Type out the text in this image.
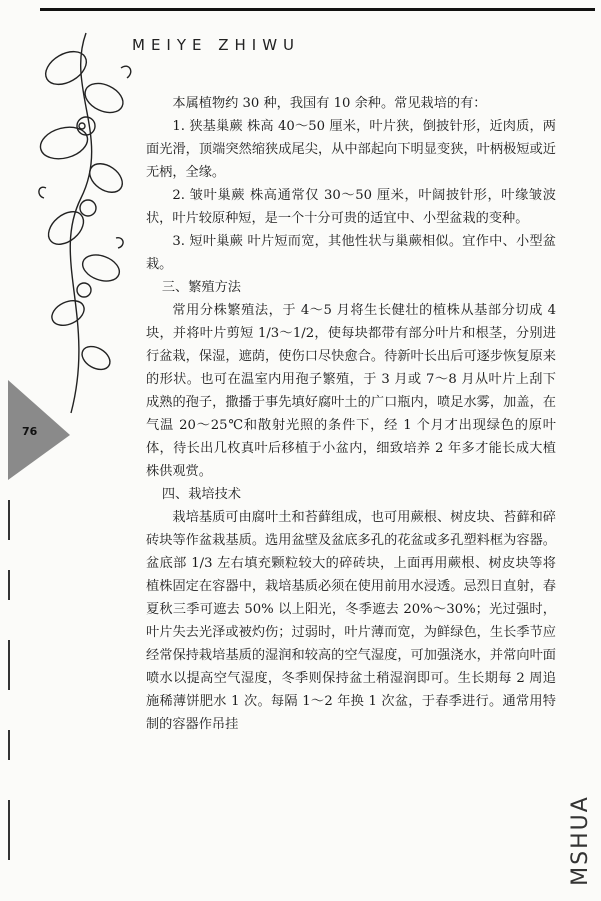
MEIYE ZHIWU
76

本属植物约 30 种，我国有 10 余种。常见栽培的有：

1. 狭基巢蕨 株高 40～50 厘米，叶片狭，倒披针形，近肉质，两面光滑，顶端突然缩狭成尾尖，从中部起向下明显变狭，叶柄极短或近无柄，全缘。

2. 皱叶巢蕨 株高通常仅 30～50 厘米，叶阔披针形，叶缘皱波状，叶片较原种短，是一个十分可贵的适宜中、小型盆栽的变种。

3. 短叶巢蕨 叶片短而宽，其他性状与巢蕨相似。宜作中、小型盆栽。

三、繁殖方法

常用分株繁殖法，于 4～5 月将生长健壮的植株从基部分切成 4 块，并将叶片剪短 1/3～1/2，使每块都带有部分叶片和根茎，分别进行盆栽，保湿，遮荫，使伤口尽快愈合。待新叶长出后可逐步恢复原来的形状。也可在温室内用孢子繁殖，于 3 月或 7～8 月从叶片上刮下成熟的孢子，撒播于事先填好腐叶土的广口瓶内，喷足水雾，加盖，在气温 20～25℃和散射光照的条件下，经 1 个月才出现绿色的原叶体，待长出几枚真叶后移植于小盆内，细致培养 2 年多才能长成大植株供观赏。

四、栽培技术

栽培基质可由腐叶土和苔藓组成，也可用蕨根、树皮块、苔藓和碎砖块等作盆栽基质。选用盆壁及盆底多孔的花盆或多孔塑料框为容器。盆底部 1/3 左右填充颗粒较大的碎砖块，上面再用蕨根、树皮块等将植株固定在容器中，栽培基质必须在使用前用水浸透。忌烈日直射，春夏秋三季可遮去 50% 以上阳光，冬季遮去 20%～30%；光过强时，叶片失去光泽或被灼伤；过弱时，叶片薄而宽，为鲜绿色，生长季节应经常保持栽培基质的湿润和较高的空气湿度，可加强浇水，并常向叶面喷水以提高空气湿度，冬季则保持盆土稍湿润即可。生长期每 2 周追施稀薄饼肥水 1 次。每隔 1～2 年换 1 次盆，于春季进行。通常用特制的容器作吊挂

MSHUA
